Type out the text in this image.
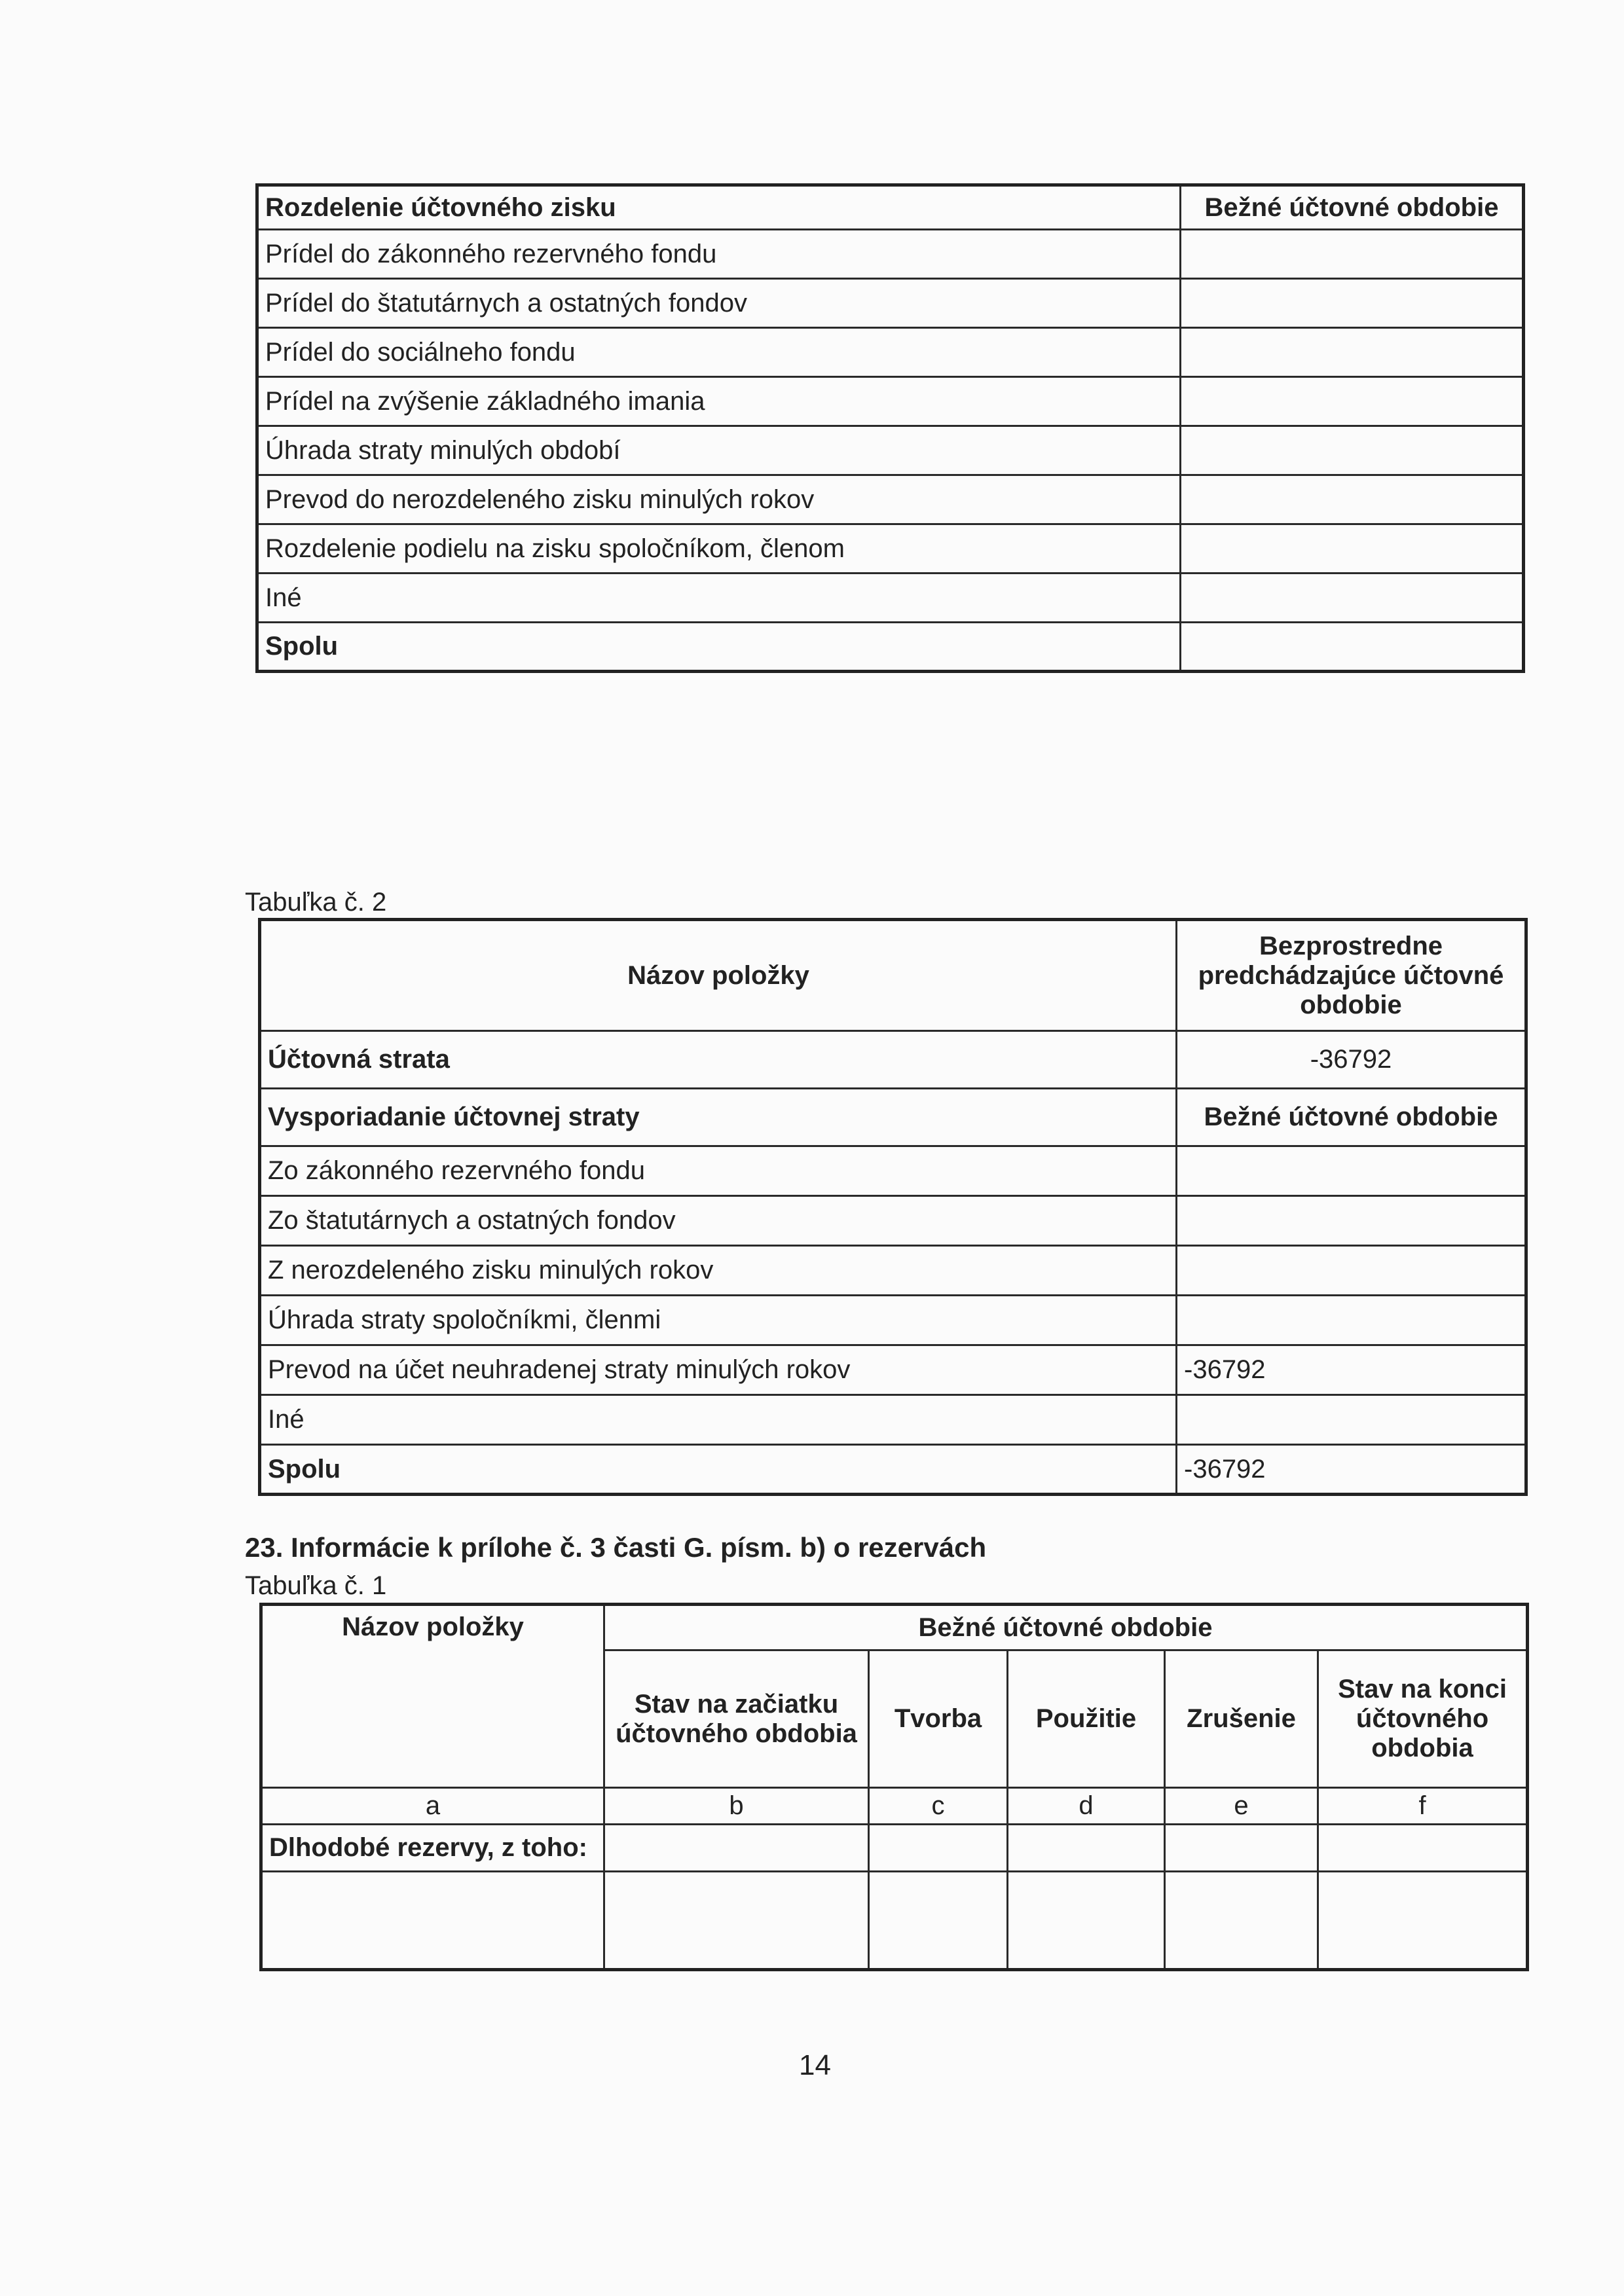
Rozdelenie účtovného zisku	Bežné účtovné obdobie
Prídel do zákonného rezervného fondu	
Prídel do štatutárnych a ostatných fondov	
Prídel do sociálneho fondu	
Prídel na zvýšenie základného imania	
Úhrada straty minulých období	
Prevod do nerozdeleného zisku minulých rokov	
Rozdelenie podielu na zisku spoločníkom, členom	
Iné	
Spolu	
Tabuľka č. 2
Názov položky	Bezprostredne predchádzajúce účtovné obdobie
Účtovná strata	-36792
Vysporiadanie účtovnej straty	Bežné účtovné obdobie
Zo zákonného rezervného fondu	
Zo štatutárnych a ostatných fondov	
Z nerozdeleného zisku minulých rokov	
Úhrada straty spoločníkmi, členmi	
Prevod na účet neuhradenej straty minulých rokov	-36792
Iné	
Spolu	-36792
23. Informácie k prílohe č. 3 časti G. písm. b) o rezervách
Tabuľka č. 1
Názov položky	Bežné účtovné obdobie				
	Stav na začiatku účtovného obdobia	Tvorba	Použitie	Zrušenie	Stav na konci účtovného obdobia
a	b	c	d	e	f
Dlhodobé rezervy, z toho:					

14
